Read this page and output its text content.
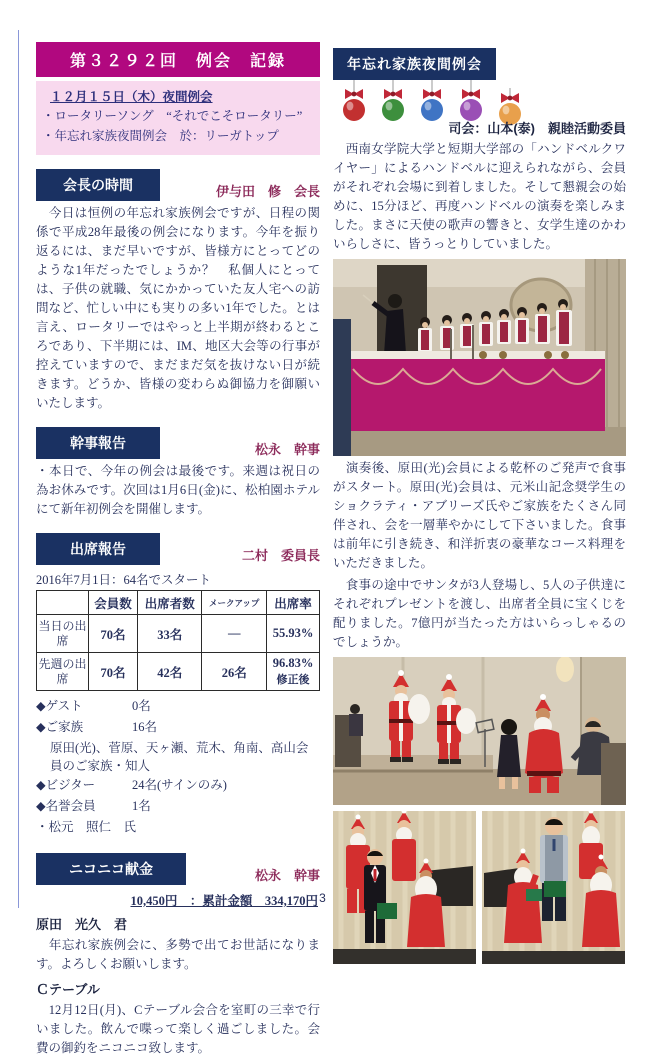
第３２９２回　例会　記録
１２月１５日（木）夜間例会
・ロータリーソング　“それでこそロータリー”
・年忘れ家族夜間例会　於：リーガトップ
会長の時間	伊与田　修　会長
　今日は恒例の年忘れ家族例会ですが、日程の関係で平成28年最後の例会になります。今年を振り返るには、まだ早いですが、皆様方にとってどのような1年だったでしょうか？　私個人にとっては、子供の就職、気にかかっていた友人宅への訪問など、忙しい中にも実りの多い1年でした。とは言え、ロータリーではやっと上半期が終わるところであり、下半期には、IM、地区大会等の行事が控えていますので、まだまだ気を抜けない日が続きます。どうか、皆様の変わらぬ御協力を御願いいたします。
幹事報告	松永　幹事
・本日で、今年の例会は最後です。来週は祝日の為お休みです。次回は1月6日(金)に、松柏園ホテルにて新年初例会を開催します。
出席報告	二村　委員長
2016年7月1日：64名でスタート
	会員数	出席者数	メークアップ	出席率
当日の出席	70名	33名	—	55.93%
先週の出席	70名	42名	26名	96.83%
修正後
◆ゲスト	0名
◆ご家族	16名
原田(光)、菅原、天ヶ瀬、荒木、角南、高山会員のご家族・知人
◆ビジター	24名(サインのみ)
◆名誉会員	1名
・松元　照仁　氏
ニコニコ献金	松永　幹事
10,450円　：累計金額　334,170円
原田　光久　君
　年忘れ家族例会に、多勢で出てお世話になります。よろしくお願いします。
Ｃテーブル
　12月12日(月)、Cテーブル会合を室町の三幸で行いました。飲んで喋って楽しく過ごしました。会費の御釣をニコニコ致します。
年忘れ家族夜間例会
司会：山本(泰)　親睦活動委員
　西南女学院大学と短期大学部の「ハンドベルクワイヤー」によるハンドベルに迎えられながら、会員がそれぞれ会場に到着しました。そして懇親会の始めに、15分ほど、再度ハンドベルの演奏を楽しみました。まさに天使の歌声の響きと、女学生達のかわいらしさに、皆うっとりしていました。
　演奏後、原田(光)会員による乾杯のご発声で食事がスタート。原田(光)会員は、元米山記念奨学生のショクラティ・アブリーズ氏やご家族をたくさん同伴され、会を一層華やかにして下さいました。食事は前年に引き続き、和洋折衷の豪華なコース料理をいただきました。
　食事の途中でサンタが3人登場し、5人の子供達にそれぞれプレゼントを渡し、出席者全員に宝くじを配りました。7億円が当たった方はいらっしゃるのでしょうか。
3
